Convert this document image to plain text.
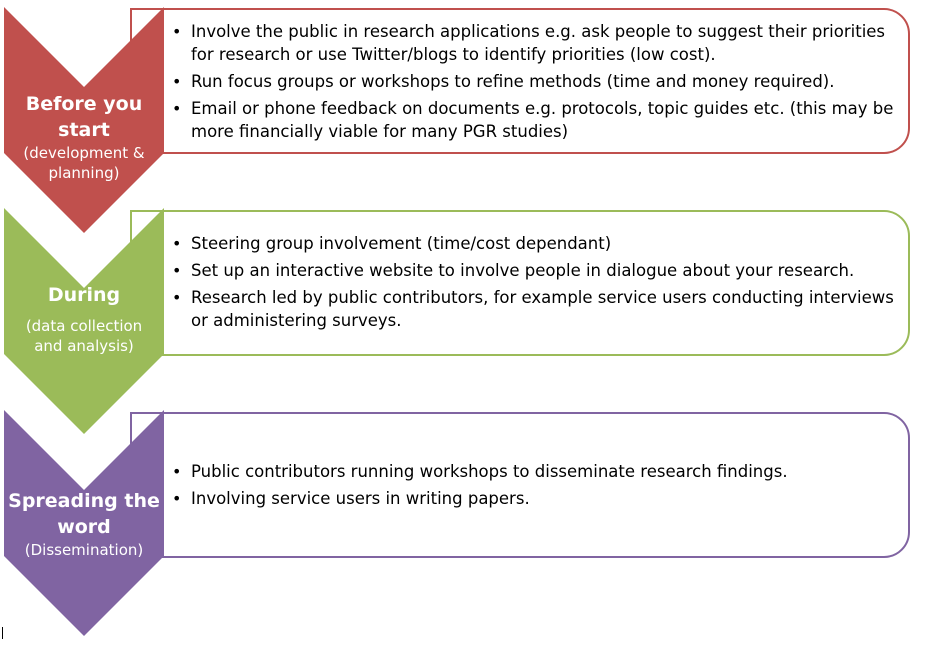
• Involve the public in research applications e.g. ask people to suggest their priorities for research or use Twitter/blogs to identify priorities (low cost).
• Run focus groups or workshops to refine methods (time and money required).
• Email or phone feedback on documents e.g. protocols, topic guides etc. (this may be more financially viable for many PGR studies)
Before you start
(development & planning)
• Steering group involvement (time/cost dependant)
• Set up an interactive website to involve people in dialogue about your research.
• Research led by public contributors, for example service users conducting interviews or administering surveys.
During
(data collection and analysis)
• Public contributors running workshops to disseminate research findings.
• Involving service users in writing papers.
Spreading the word
(Dissemination)
